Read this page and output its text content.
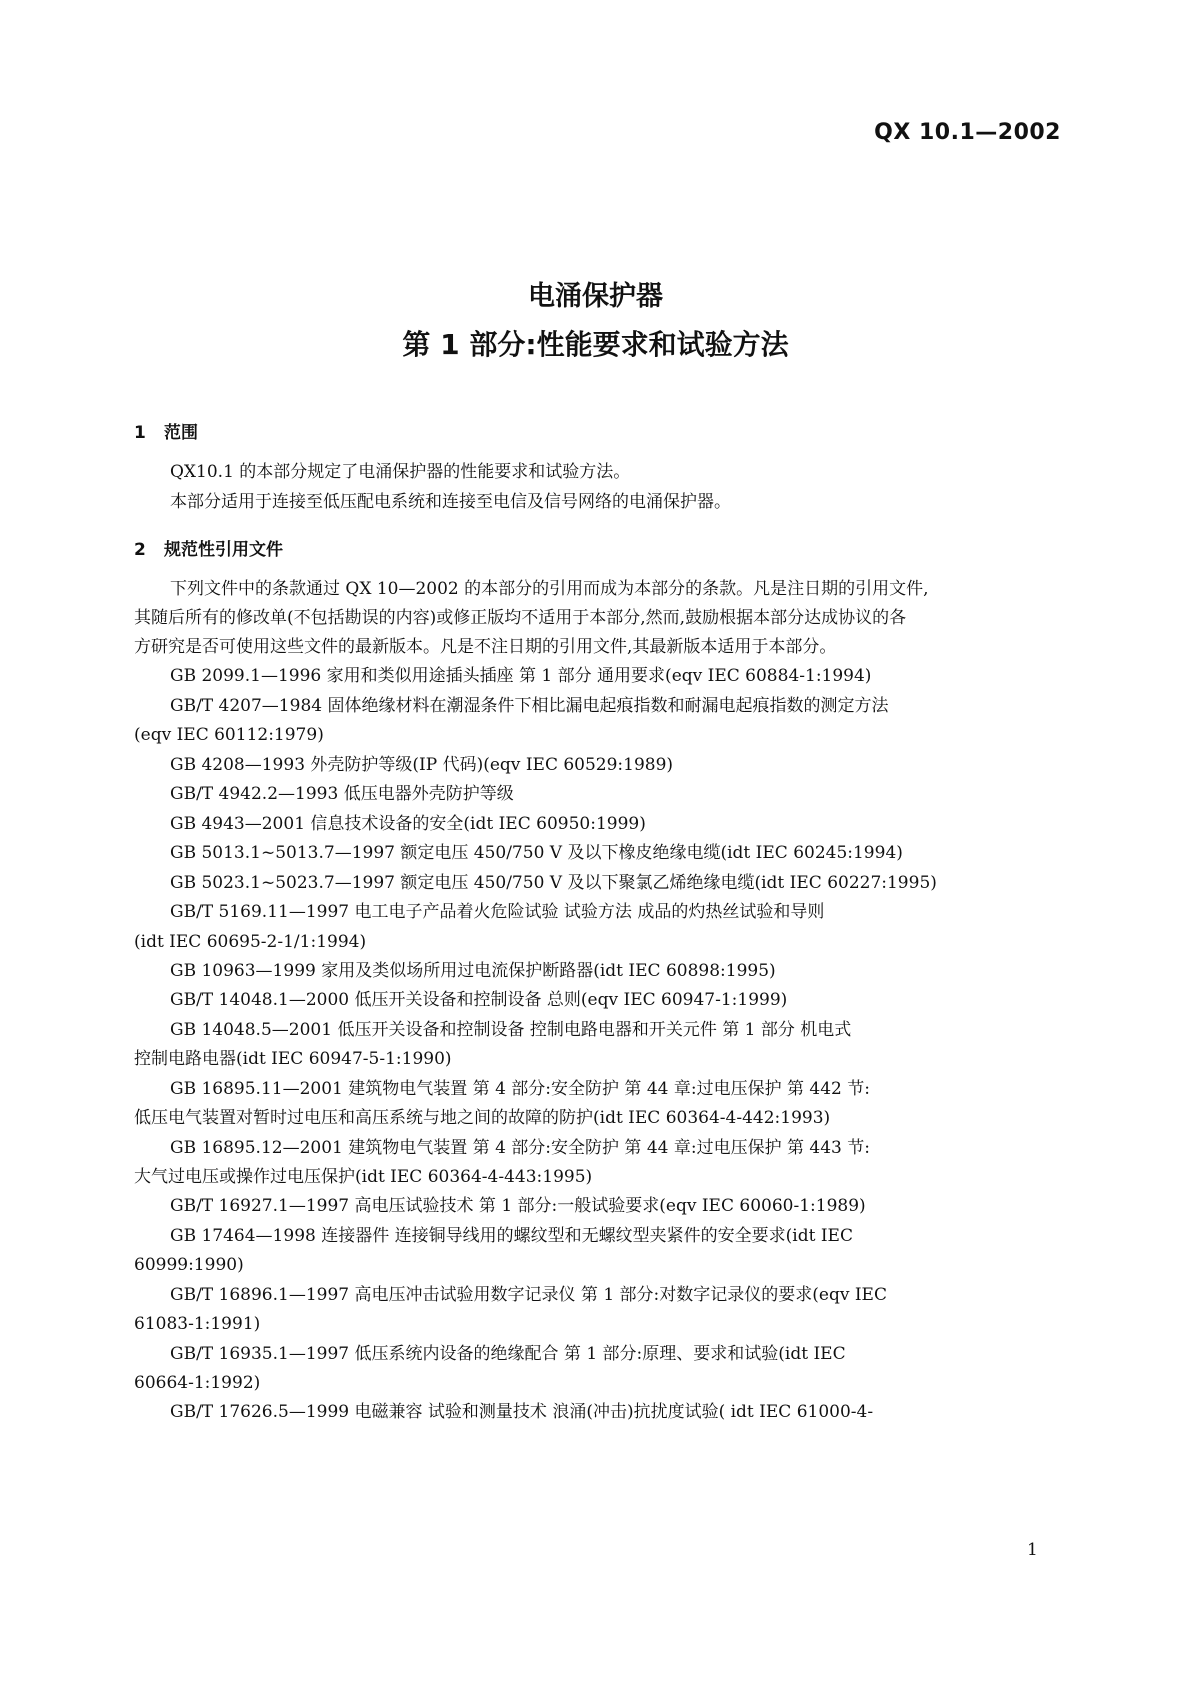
QX 10.1—2002
电涌保护器
第 1 部分:性能要求和试验方法
1 范围
QX10.1 的本部分规定了电涌保护器的性能要求和试验方法。
本部分适用于连接至低压配电系统和连接至电信及信号网络的电涌保护器。
2 规范性引用文件
下列文件中的条款通过 QX 10—2002 的本部分的引用而成为本部分的条款。凡是注日期的引用文件,
其随后所有的修改单(不包括勘误的内容)或修正版均不适用于本部分,然而,鼓励根据本部分达成协议的各
方研究是否可使用这些文件的最新版本。凡是不注日期的引用文件,其最新版本适用于本部分。
GB 2099.1—1996 家用和类似用途插头插座 第 1 部分 通用要求(eqv IEC 60884-1:1994)
GB/T 4207—1984 固体绝缘材料在潮湿条件下相比漏电起痕指数和耐漏电起痕指数的测定方法
(eqv IEC 60112:1979)
GB 4208—1993 外壳防护等级(IP 代码)(eqv IEC 60529:1989)
GB/T 4942.2—1993 低压电器外壳防护等级
GB 4943—2001 信息技术设备的安全(idt IEC 60950:1999)
GB 5013.1~5013.7—1997 额定电压 450/750 V 及以下橡皮绝缘电缆(idt IEC 60245:1994)
GB 5023.1~5023.7—1997 额定电压 450/750 V 及以下聚氯乙烯绝缘电缆(idt IEC 60227:1995)
GB/T 5169.11—1997 电工电子产品着火危险试验 试验方法 成品的灼热丝试验和导则
(idt IEC 60695-2-1/1:1994)
GB 10963—1999 家用及类似场所用过电流保护断路器(idt IEC 60898:1995)
GB/T 14048.1—2000 低压开关设备和控制设备 总则(eqv IEC 60947-1:1999)
GB 14048.5—2001 低压开关设备和控制设备 控制电路电器和开关元件 第 1 部分 机电式
控制电路电器(idt IEC 60947-5-1:1990)
GB 16895.11—2001 建筑物电气装置 第 4 部分:安全防护 第 44 章:过电压保护 第 442 节:
低压电气装置对暂时过电压和高压系统与地之间的故障的防护(idt IEC 60364-4-442:1993)
GB 16895.12—2001 建筑物电气装置 第 4 部分:安全防护 第 44 章:过电压保护 第 443 节:
大气过电压或操作过电压保护(idt IEC 60364-4-443:1995)
GB/T 16927.1—1997 高电压试验技术 第 1 部分:一般试验要求(eqv IEC 60060-1:1989)
GB 17464—1998 连接器件 连接铜导线用的螺纹型和无螺纹型夹紧件的安全要求(idt IEC
60999:1990)
GB/T 16896.1—1997 高电压冲击试验用数字记录仪 第 1 部分:对数字记录仪的要求(eqv IEC
61083-1:1991)
GB/T 16935.1—1997 低压系统内设备的绝缘配合 第 1 部分:原理、要求和试验(idt IEC
60664-1:1992)
GB/T 17626.5—1999 电磁兼容 试验和测量技术 浪涌(冲击)抗扰度试验( idt IEC 61000-4-
1
